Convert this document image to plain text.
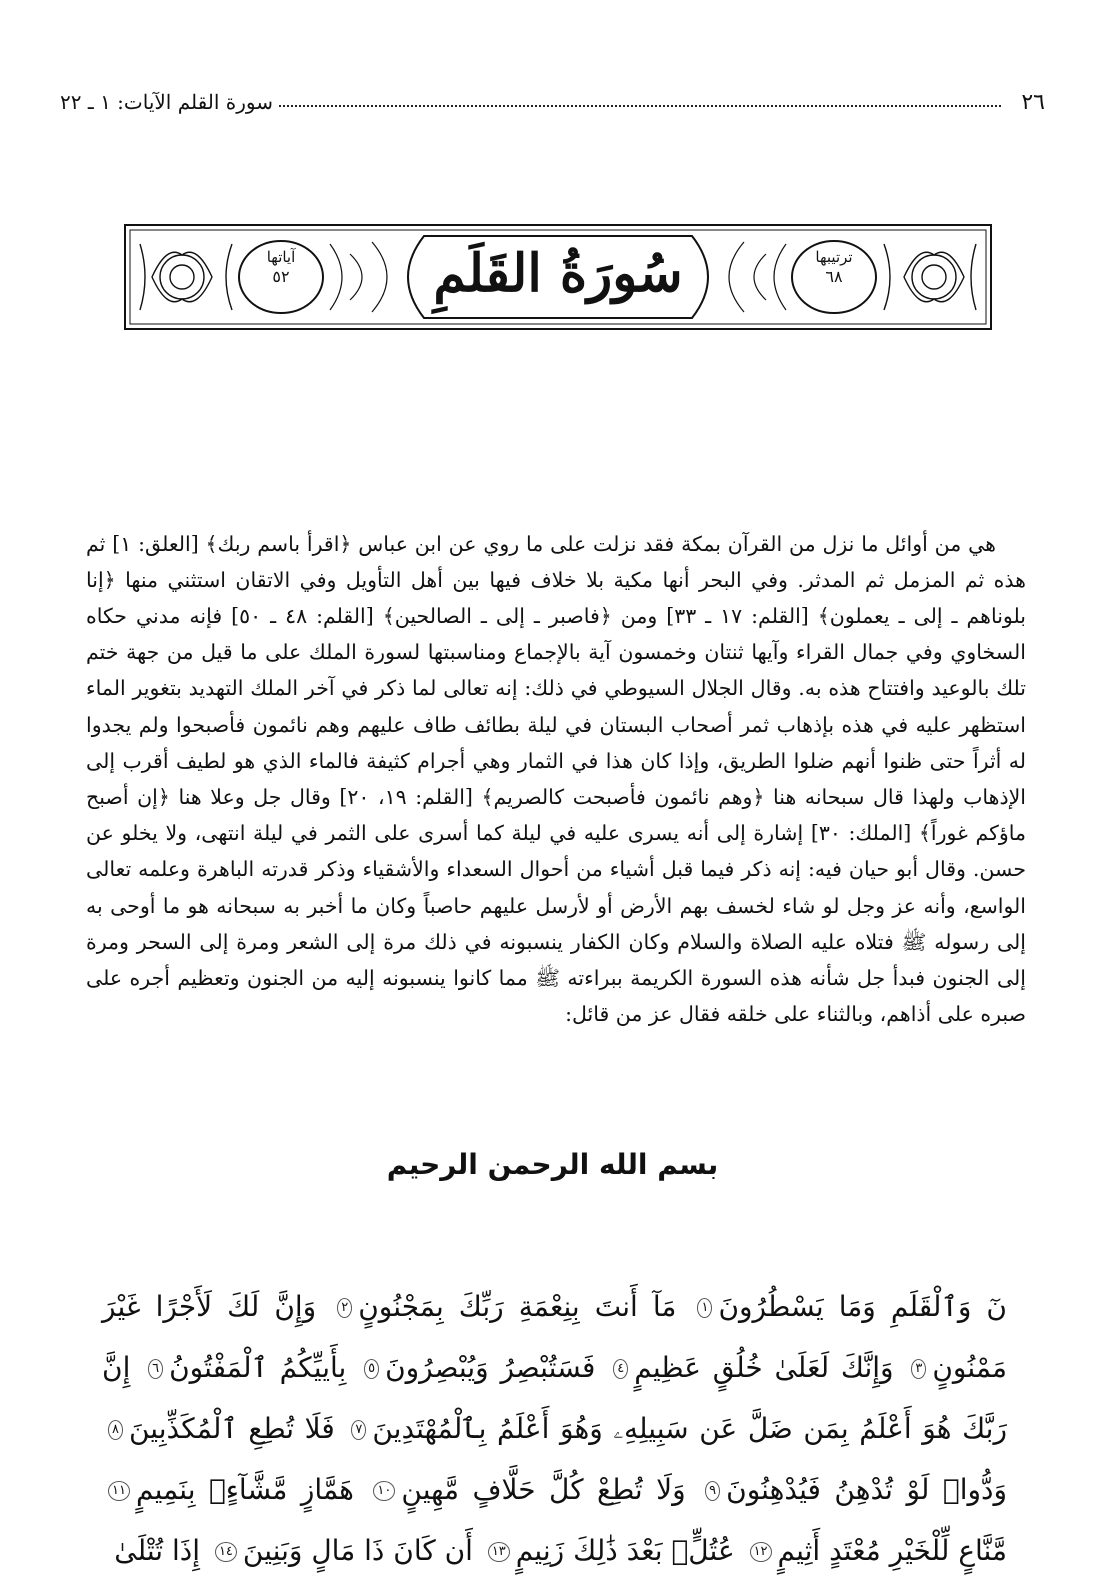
٢٦
سورة القلم الآيات: ١ ـ ٢٢
سُورَةُ القَلَمِ	ترتيبها
٦٨
آياتها
٥٢

هي من أوائل ما نزل من القرآن بمكة فقد نزلت على ما روي عن ابن عباس ﴿اقرأ باسم ربك﴾ [العلق: ١] ثم هذه ثم المزمل ثم المدثر. وفي البحر أنها مكية بلا خلاف فيها بين أهل التأويل وفي الاتقان استثني منها ﴿إنا بلوناهم ـ إلى ـ يعملون﴾ [القلم: ١٧ ـ ٣٣] ومن ﴿فاصبر ـ إلى ـ الصالحين﴾ [القلم: ٤٨ ـ ٥٠] فإنه مدني حكاه السخاوي وفي جمال القراء وآيها ثنتان وخمسون آية بالإجماع ومناسبتها لسورة الملك على ما قيل من جهة ختم تلك بالوعيد وافتتاح هذه به. وقال الجلال السيوطي في ذلك: إنه تعالى لما ذكر في آخر الملك التهديد بتغوير الماء استظهر عليه في هذه بإذهاب ثمر أصحاب البستان في ليلة بطائف طاف عليهم وهم نائمون فأصبحوا ولم يجدوا له أثراً حتى ظنوا أنهم ضلوا الطريق، وإذا كان هذا في الثمار وهي أجرام كثيفة فالماء الذي هو لطيف أقرب إلى الإذهاب ولهذا قال سبحانه هنا ﴿وهم نائمون فأصبحت كالصريم﴾ [القلم: ١٩، ٢٠] وقال جل وعلا هنا ﴿إن أصبح ماؤكم غوراً﴾ [الملك: ٣٠] إشارة إلى أنه يسرى عليه في ليلة كما أسرى على الثمر في ليلة انتهى، ولا يخلو عن حسن. وقال أبو حيان فيه: إنه ذكر فيما قبل أشياء من أحوال السعداء والأشقياء وذكر قدرته الباهرة وعلمه تعالى الواسع، وأنه عز وجل لو شاء لخسف بهم الأرض أو لأرسل عليهم حاصباً وكان ما أخبر به سبحانه هو ما أوحى به إلى رسوله ﷺ فتلاه عليه الصلاة والسلام وكان الكفار ينسبونه في ذلك مرة إلى الشعر ومرة إلى السحر ومرة إلى الجنون فبدأ جل شأنه هذه السورة الكريمة ببراءته ﷺ مما كانوا ينسبونه إليه من الجنون وتعظيم أجره على صبره على أذاهم، وبالثناء على خلقه فقال عز من قائل:

بسم الله الرحمن الرحيم
نٓ وَٱلْقَلَمِ وَمَا يَسْطُرُونَ١ مَآ أَنتَ بِنِعْمَةِ رَبِّكَ بِمَجْنُونٍ٢ وَإِنَّ لَكَ لَأَجْرًا غَيْرَ مَمْنُونٍ٣ وَإِنَّكَ لَعَلَىٰ خُلُقٍ عَظِيمٍ٤ فَسَتُبْصِرُ وَيُبْصِرُونَ٥ بِأَييِّكُمُ ٱلْمَفْتُونُ٦ إِنَّ رَبَّكَ هُوَ أَعْلَمُ بِمَن ضَلَّ عَن سَبِيلِهِۦ وَهُوَ أَعْلَمُ بِٱلْمُهْتَدِينَ٧ فَلَا تُطِعِ ٱلْمُكَذِّبِينَ٨ وَدُّوا۟ لَوْ تُدْهِنُ فَيُدْهِنُونَ٩ وَلَا تُطِعْ كُلَّ حَلَّافٍ مَّهِينٍ١٠ هَمَّازٍ مَّشَّآءٍۭ بِنَمِيمٍ١١ مَّنَّاعٍ لِّلْخَيْرِ مُعْتَدٍ أَثِيمٍ١٢ عُتُلٍّۭ بَعْدَ ذَٰلِكَ زَنِيمٍ١٣ أَن كَانَ ذَا مَالٍ وَبَنِينَ١٤ إِذَا تُتْلَىٰ
